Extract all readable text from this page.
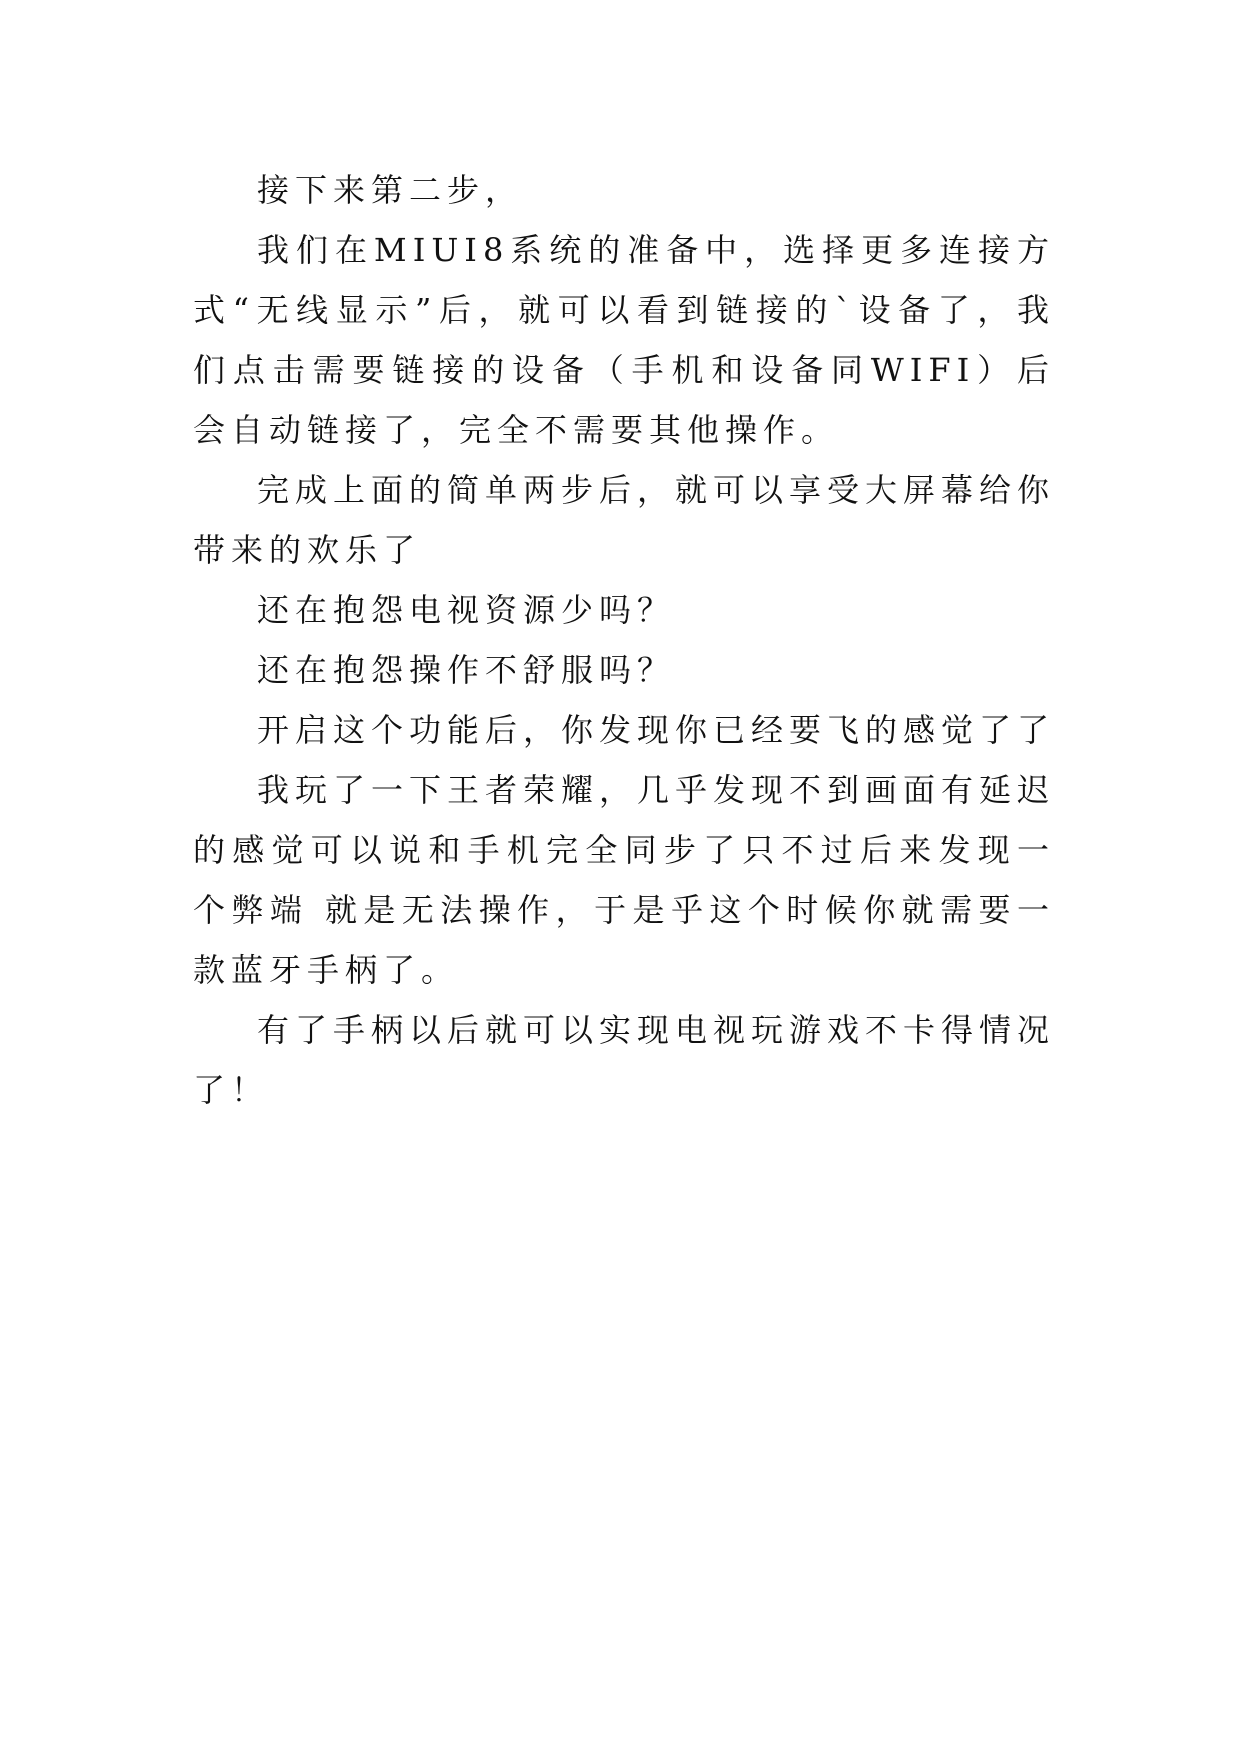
接下来第二步，

我们在MIUI8系统的准备中，选择更多连接方式“无线显示”后，就可以看到链接的`设备了，我们点击需要链接的设备（手机和设备同WIFI）后会自动链接了，完全不需要其他操作。

完成上面的简单两步后，就可以享受大屏幕给你带来的欢乐了

还在抱怨电视资源少吗？

还在抱怨操作不舒服吗？

开启这个功能后，你发现你已经要飞的感觉了了

我玩了一下王者荣耀，几乎发现不到画面有延迟的感觉可以说和手机完全同步了只不过后来发现一个弊端 就是无法操作，于是乎这个时候你就需要一款蓝牙手柄了。

有了手柄以后就可以实现电视玩游戏不卡得情况了！
